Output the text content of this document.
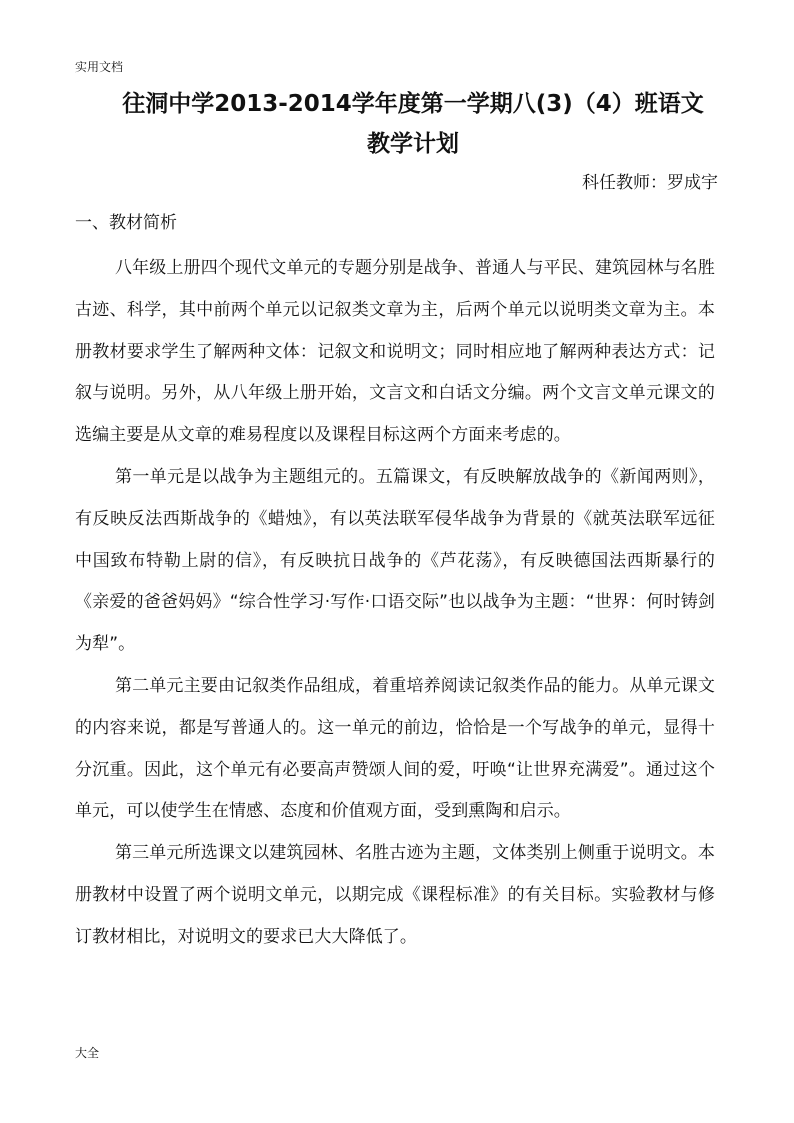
实用文档
往洞中学2013-2014学年度第一学期八(3)（4）班语文
教学计划
科任教师：罗成宇
一、教材简析

八年级上册四个现代文单元的专题分别是战争、普通人与平民、建筑园林与名胜古迹、科学，其中前两个单元以记叙类文章为主，后两个单元以说明类文章为主。本册教材要求学生了解两种文体：记叙文和说明文；同时相应地了解两种表达方式：记叙与说明。另外，从八年级上册开始，文言文和白话文分编。两个文言文单元课文的选编主要是从文章的难易程度以及课程目标这两个方面来考虑的。

第一单元是以战争为主题组元的。五篇课文，有反映解放战争的《新闻两则》，有反映反法西斯战争的《蜡烛》，有以英法联军侵华战争为背景的《就英法联军远征中国致布特勒上尉的信》，有反映抗日战争的《芦花荡》，有反映德国法西斯暴行的《亲爱的爸爸妈妈》“综合性学习·写作·口语交际”也以战争为主题：“世界：何时铸剑为犁”。

第二单元主要由记叙类作品组成，着重培养阅读记叙类作品的能力。从单元课文的内容来说，都是写普通人的。这一单元的前边，恰恰是一个写战争的单元，显得十分沉重。因此，这个单元有必要高声赞颂人间的爱，吁唤“让世界充满爱”。通过这个单元，可以使学生在情感、态度和价值观方面，受到熏陶和启示。

第三单元所选课文以建筑园林、名胜古迹为主题，文体类别上侧重于说明文。本册教材中设置了两个说明文单元，以期完成《课程标准》的有关目标。实验教材与修订教材相比，对说明文的要求已大大降低了。

大全
